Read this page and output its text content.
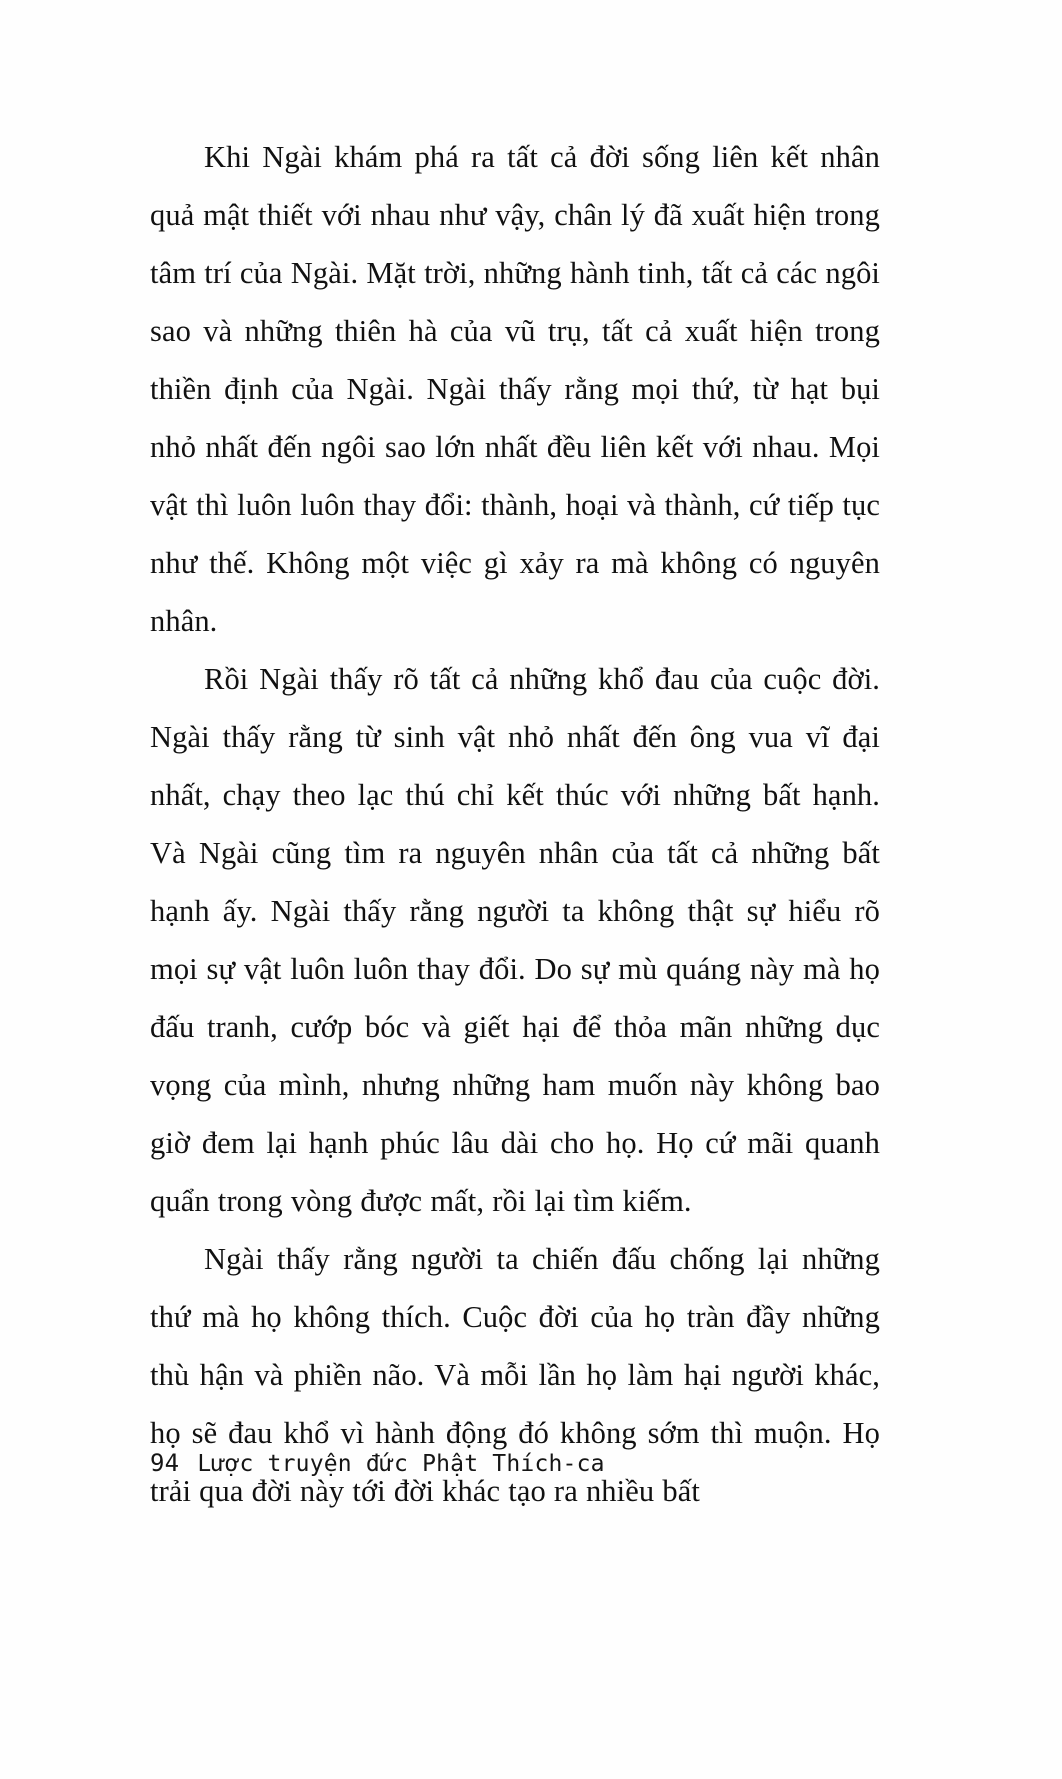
Khi Ngài khám phá ra tất cả đời sống liên kết nhân quả mật thiết với nhau như vậy, chân lý đã xuất hiện trong tâm trí của Ngài. Mặt trời, những hành tinh, tất cả các ngôi sao và những thiên hà của vũ trụ, tất cả xuất hiện trong thiền định của Ngài. Ngài thấy rằng mọi thứ, từ hạt bụi nhỏ nhất đến ngôi sao lớn nhất đều liên kết với nhau. Mọi vật thì luôn luôn thay đổi: thành, hoại và thành, cứ tiếp tục như thế. Không một việc gì xảy ra mà không có nguyên nhân.

Rồi Ngài thấy rõ tất cả những khổ đau của cuộc đời. Ngài thấy rằng từ sinh vật nhỏ nhất đến ông vua vĩ đại nhất, chạy theo lạc thú chỉ kết thúc với những bất hạnh. Và Ngài cũng tìm ra nguyên nhân của tất cả những bất hạnh ấy. Ngài thấy rằng người ta không thật sự hiểu rõ mọi sự vật luôn luôn thay đổi. Do sự mù quáng này mà họ đấu tranh, cướp bóc và giết hại để thỏa mãn những dục vọng của mình, nhưng những ham muốn này không bao giờ đem lại hạnh phúc lâu dài cho họ. Họ cứ mãi quanh quẩn trong vòng được mất, rồi lại tìm kiếm.

Ngài thấy rằng người ta chiến đấu chống lại những thứ mà họ không thích. Cuộc đời của họ tràn đầy những thù hận và phiền não. Và mỗi lần họ làm hại người khác, họ sẽ đau khổ vì hành động đó không sớm thì muộn. Họ trải qua đời này tới đời khác tạo ra nhiều bất

94 Lược truyện đức Phật Thích-ca
